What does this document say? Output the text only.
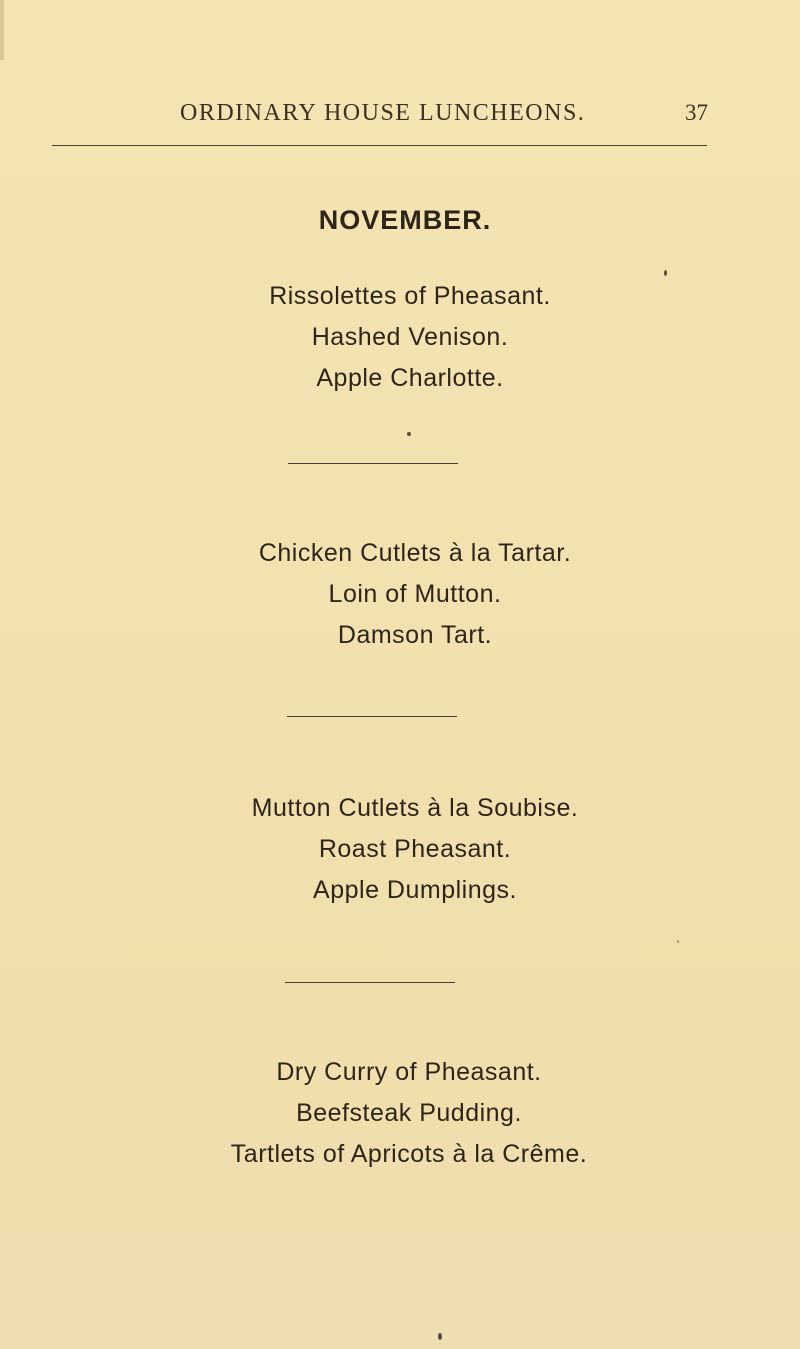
ORDINARY HOUSE LUNCHEONS.	37
NOVEMBER.
Rissolettes of Pheasant.
Hashed Venison.
Apple Charlotte.
Chicken Cutlets à la Tartar.
Loin of Mutton.
Damson Tart.
Mutton Cutlets à la Soubise.
Roast Pheasant.
Apple Dumplings.
Dry Curry of Pheasant.
Beefsteak Pudding.
Tartlets of Apricots à la Crême.
